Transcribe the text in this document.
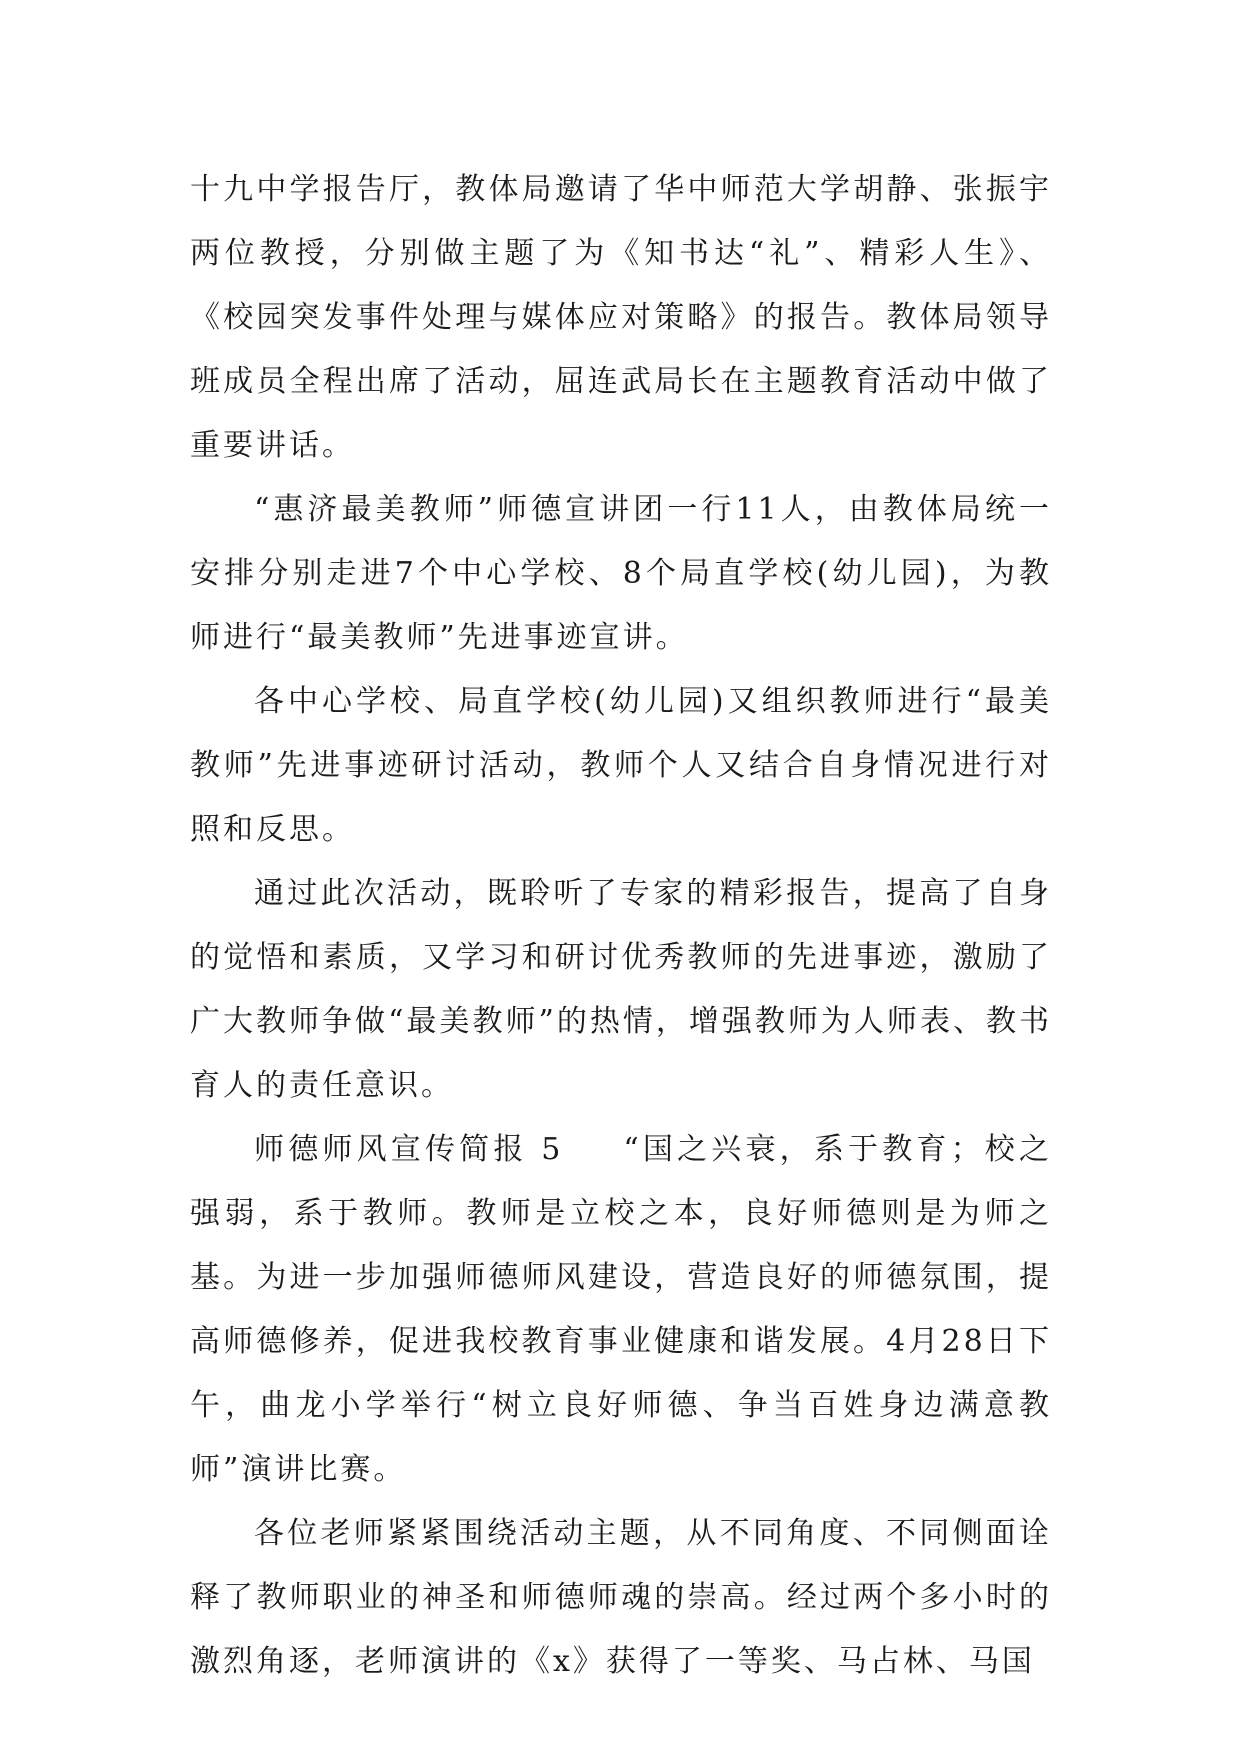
十九中学报告厅，教体局邀请了华中师范大学胡静、张振宇两位教授，分别做主题了为《知书达“礼”、精彩人生》、《校园突发事件处理与媒体应对策略》的报告。教体局领导班成员全程出席了活动，屈连武局长在主题教育活动中做了重要讲话。

“惠济最美教师”师德宣讲团一行11人，由教体局统一安排分别走进7个中心学校、8个局直学校(幼儿园)，为教师进行“最美教师”先进事迹宣讲。

各中心学校、局直学校(幼儿园)又组织教师进行“最美教师”先进事迹研讨活动，教师个人又结合自身情况进行对照和反思。

通过此次活动，既聆听了专家的精彩报告，提高了自身的觉悟和素质，又学习和研讨优秀教师的先进事迹，激励了广大教师争做“最美教师”的热情，增强教师为人师表、教书育人的责任意识。

师德师风宣传简报 5 “国之兴衰，系于教育；校之强弱，系于教师。教师是立校之本，良好师德则是为师之基。为进一步加强师德师风建设，营造良好的师德氛围，提高师德修养，促进我校教育事业健康和谐发展。4月28日下午，曲龙小学举行“树立良好师德、争当百姓身边满意教师”演讲比赛。

各位老师紧紧围绕活动主题，从不同角度、不同侧面诠释了教师职业的神圣和师德师魂的崇高。经过两个多小时的激烈角逐，老师演讲的《x》获得了一等奖、马占林、马国
